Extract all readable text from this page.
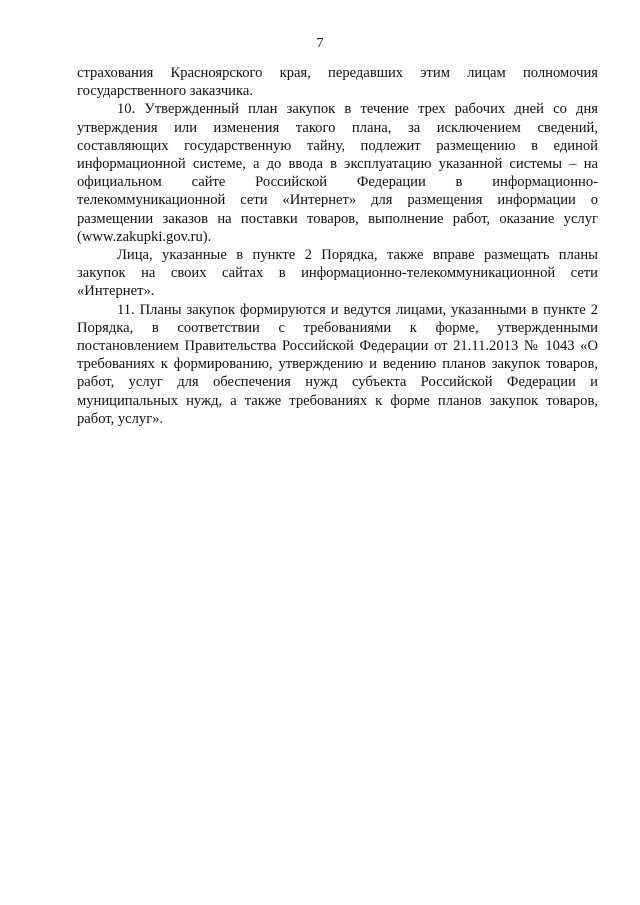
7

страхования Красноярского края, передавших этим лицам полномочия государственного заказчика.

10. Утвержденный план закупок в течение трех рабочих дней со дня утверждения или изменения такого плана, за исключением сведений, составляющих государственную тайну, подлежит размещению в единой информационной системе, а до ввода в эксплуатацию указанной системы – на официальном сайте Российской Федерации в информационно-телекоммуникационной сети «Интернет» для размещения информации о размещении заказов на поставки товаров, выполнение работ, оказание услуг (www.zakupki.gov.ru).

Лица, указанные в пункте 2 Порядка, также вправе размещать планы закупок на своих сайтах в информационно-телекоммуникационной сети «Интернет».

11. Планы закупок формируются и ведутся лицами, указанными в пункте 2 Порядка, в соответствии с требованиями к форме, утвержденными постановлением Правительства Российской Федерации от 21.11.2013 № 1043 «О требованиях к формированию, утверждению и ведению планов закупок товаров, работ, услуг для обеспечения нужд субъекта Российской Федерации и муниципальных нужд, а также требованиях к форме планов закупок товаров, работ, услуг».
